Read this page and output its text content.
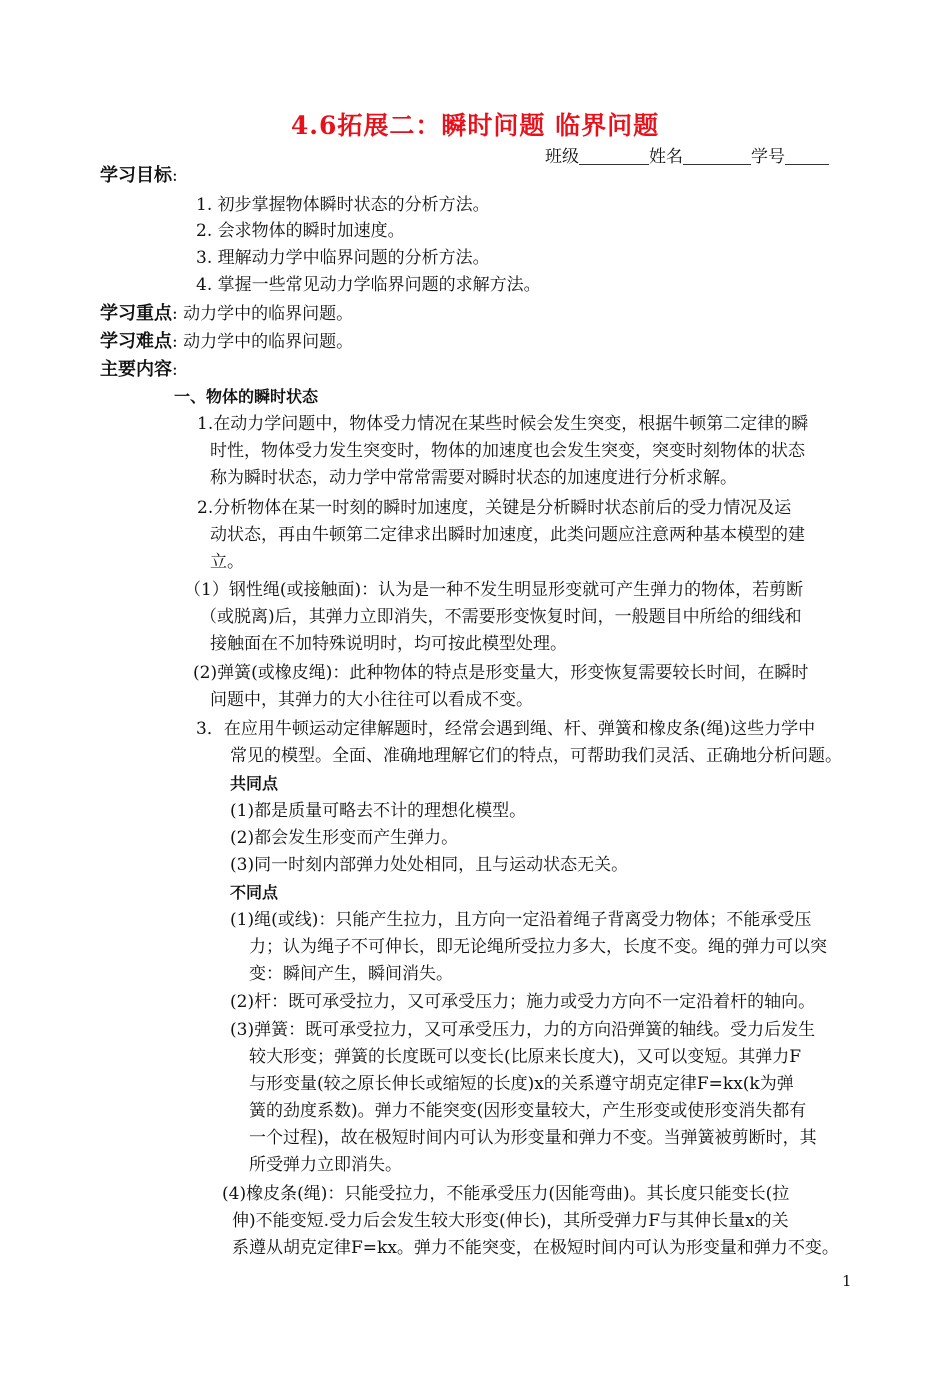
4.6拓展二：瞬时问题 临界问题
班级	姓名	学号
学习目标:
1. 初步掌握物体瞬时状态的分析方法。
2. 会求物体的瞬时加速度。
3. 理解动力学中临界问题的分析方法。
4. 掌握一些常见动力学临界问题的求解方法。
学习重点: 动力学中的临界问题。
学习难点: 动力学中的临界问题。
主要内容:
一、物体的瞬时状态
1.在动力学问题中，物体受力情况在某些时候会发生突变，根据牛顿第二定律的瞬
时性，物体受力发生突变时，物体的加速度也会发生突变，突变时刻物体的状态
称为瞬时状态，动力学中常常需要对瞬时状态的加速度进行分析求解。
2.分析物体在某一时刻的瞬时加速度，关键是分析瞬时状态前后的受力情况及运
动状态，再由牛顿第二定律求出瞬时加速度，此类问题应注意两种基本模型的建
立。
（1）钢性绳(或接触面)：认为是一种不发生明显形变就可产生弹力的物体，若剪断
（或脱离)后，其弹力立即消失，不需要形变恢复时间，一般题目中所给的细线和
接触面在不加特殊说明时，均可按此模型处理。
(2)弹簧(或橡皮绳)：此种物体的特点是形变量大，形变恢复需要较长时间，在瞬时
问题中，其弹力的大小往往可以看成不变。
3．在应用牛顿运动定律解题时，经常会遇到绳、杆、弹簧和橡皮条(绳)这些力学中
常见的模型。全面、准确地理解它们的特点，可帮助我们灵活、正确地分析问题。
共同点
(1)都是质量可略去不计的理想化模型。
(2)都会发生形变而产生弹力。
(3)同一时刻内部弹力处处相同，且与运动状态无关。
不同点
(1)绳(或线)：只能产生拉力，且方向一定沿着绳子背离受力物体；不能承受压
力；认为绳子不可伸长，即无论绳所受拉力多大，长度不变。绳的弹力可以突
变：瞬间产生，瞬间消失。
(2)杆：既可承受拉力，又可承受压力；施力或受力方向不一定沿着杆的轴向。
(3)弹簧：既可承受拉力，又可承受压力，力的方向沿弹簧的轴线。受力后发生
较大形变；弹簧的长度既可以变长(比原来长度大)，又可以变短。其弹力F
与形变量(较之原长伸长或缩短的长度)x的关系遵守胡克定律F=kx(k为弹
簧的劲度系数)。弹力不能突变(因形变量较大，产生形变或使形变消失都有
一个过程)，故在极短时间内可认为形变量和弹力不变。当弹簧被剪断时，其
所受弹力立即消失。
(4)橡皮条(绳)：只能受拉力，不能承受压力(因能弯曲)。其长度只能变长(拉
伸)不能变短.受力后会发生较大形变(伸长)，其所受弹力F与其伸长量x的关
系遵从胡克定律F=kx。弹力不能突变，在极短时间内可认为形变量和弹力不变。
1
